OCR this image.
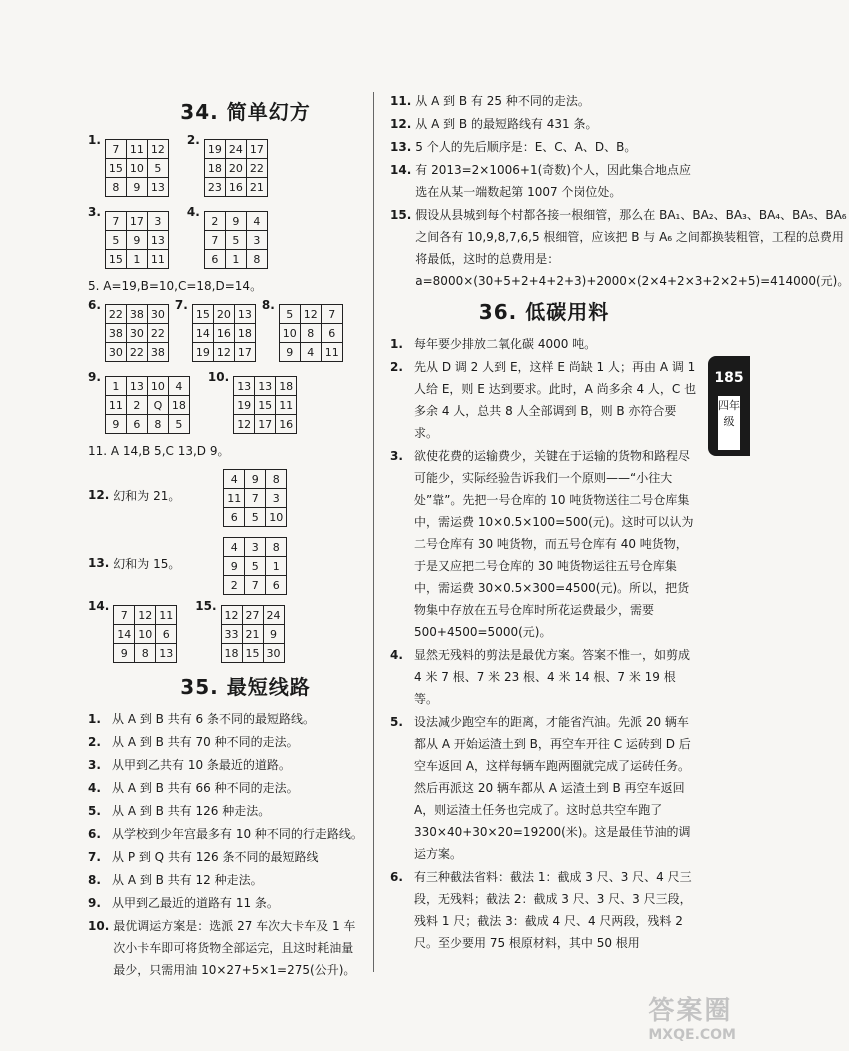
34. 简单幻方
1.
7	11	12
15	10	5
8	9	13
2.
19	24	17
18	20	22
23	16	21
3.
7	17	3
5	9	13
15	1	11
4.
2	9	4
7	5	3
6	1	8
5. A=19,B=10,C=18,D=14。
6.
22	38	30
38	30	22
30	22	38
7.
15	20	13
14	16	18
19	12	17
8.
5	12	7
10	8	6
9	4	11
9.
1	13	10	4
11	2	Q	18
9	6	8	5
10.
13	13	18
19	15	11
12	17	16
11. A 14,B 5,C 13,D 9。
12. 幻和为 21。
4	9	8
11	7	3
6	5	10
13. 幻和为 15。
4	3	8
9	5	1
2	7	6
14.
7	12	11
14	10	6
9	8	13
15.
12	27	24
33	21	9
18	15	30
35. 最短线路
1. 从 A 到 B 共有 6 条不同的最短路线。
2. 从 A 到 B 共有 70 种不同的走法。
3. 从甲到乙共有 10 条最近的道路。
4. 从 A 到 B 共有 66 种不同的走法。
5. 从 A 到 B 共有 126 种走法。
6. 从学校到少年宫最多有 10 种不同的行走路线。
7. 从 P 到 Q 共有 126 条不同的最短路线
8. 从 A 到 B 共有 12 种走法。
9. 从甲到乙最近的道路有 11 条。
10. 最优调运方案是：选派 27 车次大卡车及 1 车次小卡车即可将货物全部运完，且这时耗油量最少，只需用油 10×27+5×1=275(公升)。
11. 从 A 到 B 有 25 种不同的走法。
12. 从 A 到 B 的最短路线有 431 条。
13. 5 个人的先后顺序是：E、C、A、D、B。
14. 有 2013=2×1006+1(奇数)个人，因此集合地点应选在从某一端数起第 1007 个岗位处。
15. 假设从县城到每个村都各接一根细管，那么在 BA₁、BA₂、BA₃、BA₄、BA₅、BA₆ 之间各有 10,9,8,7,6,5 根细管，应该把 B 与 A₆ 之间都换装粗管，工程的总费用将最低，这时的总费用是：a=8000×(30+5+2+4+2+3)+2000×(2×4+2×3+2×2+5)=414000(元)。
36. 低碳用料
1. 每年要少排放二氧化碳 4000 吨。
2. 先从 D 调 2 人到 E，这样 E 尚缺 1 人；再由 A 调 1 人给 E，则 E 达到要求。此时，A 尚多余 4 人，C 也多余 4 人，总共 8 人全部调到 B，则 B 亦符合要求。
3. 欲使花费的运输费少，关键在于运输的货物和路程尽可能少，实际经验告诉我们一个原则——“小往大处”靠”。先把一号仓库的 10 吨货物送往二号仓库集中，需运费 10×0.5×100=500(元)。这时可以认为二号仓库有 30 吨货物，而五号仓库有 40 吨货物，于是又应把二号仓库的 30 吨货物运往五号仓库集中，需运费 30×0.5×300=4500(元)。所以，把货物集中存放在五号仓库时所花运费最少，需要 500+4500=5000(元)。
4. 显然无残料的剪法是最优方案。答案不惟一，如剪成 4 米 7 根、7 米 23 根、4 米 14 根、7 米 19 根等。
5. 设法减少跑空车的距离，才能省汽油。先派 20 辆车都从 A 开始运渣土到 B，再空车开往 C 运砖到 D 后空车返回 A，这样每辆车跑两圈就完成了运砖任务。然后再派这 20 辆车都从 A 运渣土到 B 再空车返回 A，则运渣土任务也完成了。这时总共空车跑了 330×40+30×20=19200(米)。这是最佳节油的调运方案。
6. 有三种截法省料：截法 1：截成 3 尺、3 尺、4 尺三段，无残料；截法 2：截成 3 尺、3 尺、3 尺三段，残料 1 尺；截法 3：截成 4 尺、4 尺两段，残料 2 尺。至少要用 75 根原材料，其中 50 根用
185
四年级
答案圈
MXQE.COM
